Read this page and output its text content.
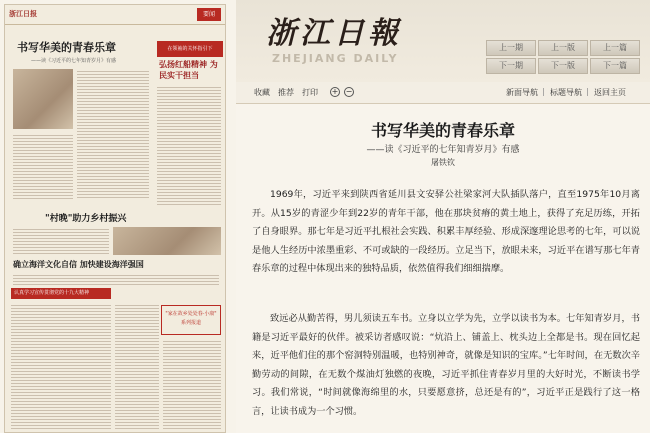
浙江日报	要闻
书写华美的青春乐章
——读《习近平的七年知青岁月》有感
在领袖的关怀指引下
弘扬红船精神 为民实干担当
"村晚"助力乡村振兴
确立海洋文化自信 加快建设海洋强国
认真学习宣传贯彻党的十九大精神
"家在故乡处处春·小康"
系列报道
浙江日報
ZHEJIANG DAILY
上一期	上一版	上一篇
下一期	下一版	下一篇
收藏 推荐 打印 + −	新面导航 | 标题导航 | 返回主页
书写华美的青春乐章
——读《习近平的七年知青岁月》有感
屠铁钦

1969年，习近平来到陕西省延川县文安驿公社梁家河大队插队落户，直至1975年10月离开。从15岁的青涩少年到22岁的青年干部，他在那块贫瘠的黄土地上，获得了充足历练，开拓了自身眼界。那七年是习近平扎根社会实践、积累丰厚经验、形成深邃理论思考的七年，可以说是他人生经历中浓墨重彩、不可或缺的一段经历。立足当下，放眼未来，习近平在谱写那七年青春乐章的过程中体现出来的独特品质，依然值得我们细细揣摩。

致远必从勤苦得，男儿须读五车书。立身以立学为先，立学以读书为本。七年知青岁月，书籍是习近平最好的伙伴。被采访者感叹说：“炕沿上、铺盖上、枕头边上全都是书。现在回忆起来，近平他们住的那个窑洞特别温暖，也特别神奇，就像是知识的宝库。”七年时间，在无数次辛勤劳动的间隙，在无数个煤油灯独燃的夜晚，习近平抓住青春岁月里的大好时光，不断读书学习。我们常说，“时间就像海绵里的水，只要愿意挤，总还是有的”，习近平正是践行了这一格言，让读书成为一个习惯。
